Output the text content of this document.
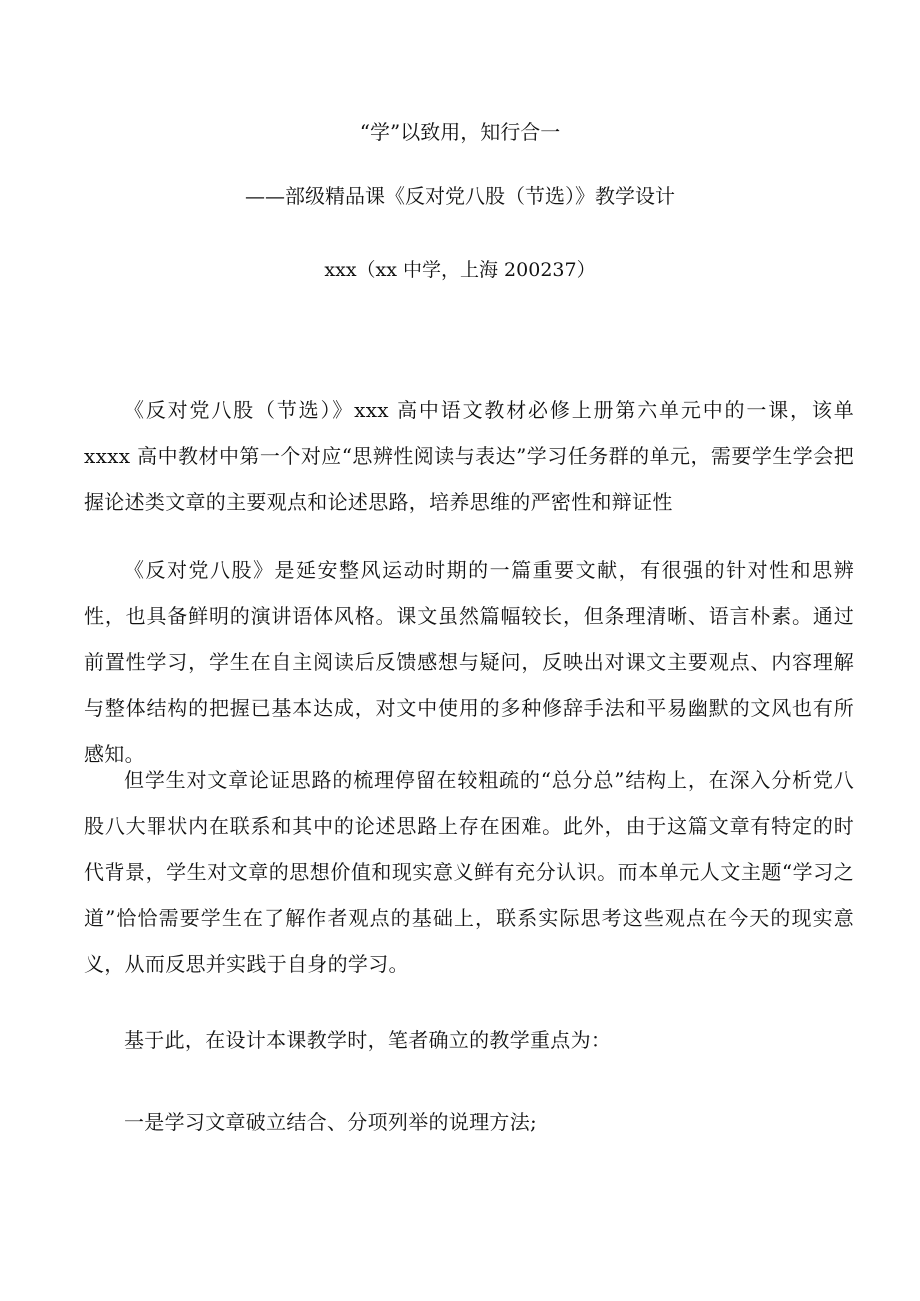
“学”以致用，知行合一
——部级精品课《反对党八股（节选）》教学设计
xxx（xx 中学，上海 200237）

《反对党八股（节选）》xxx 高中语文教材必修上册第六单元中的一课，该单 xxxx 高中教材中第一个对应“思辨性阅读与表达”学习任务群的单元，需要学生学会把握论述类文章的主要观点和论述思路，培养思维的严密性和辩证性

《反对党八股》是延安整风运动时期的一篇重要文献，有很强的针对性和思辨性，也具备鲜明的演讲语体风格。课文虽然篇幅较长，但条理清晰、语言朴素。通过前置性学习，学生在自主阅读后反馈感想与疑问，反映出对课文主要观点、内容理解与整体结构的把握已基本达成，对文中使用的多种修辞手法和平易幽默的文风也有所感知。

但学生对文章论证思路的梳理停留在较粗疏的“总分总”结构上，在深入分析党八股八大罪状内在联系和其中的论述思路上存在困难。此外，由于这篇文章有特定的时代背景，学生对文章的思想价值和现实意义鲜有充分认识。而本单元人文主题“学习之道”恰恰需要学生在了解作者观点的基础上，联系实际思考这些观点在今天的现实意义，从而反思并实践于自身的学习。

基于此，在设计本课教学时，笔者确立的教学重点为：

一是学习文章破立结合、分项列举的说理方法;
